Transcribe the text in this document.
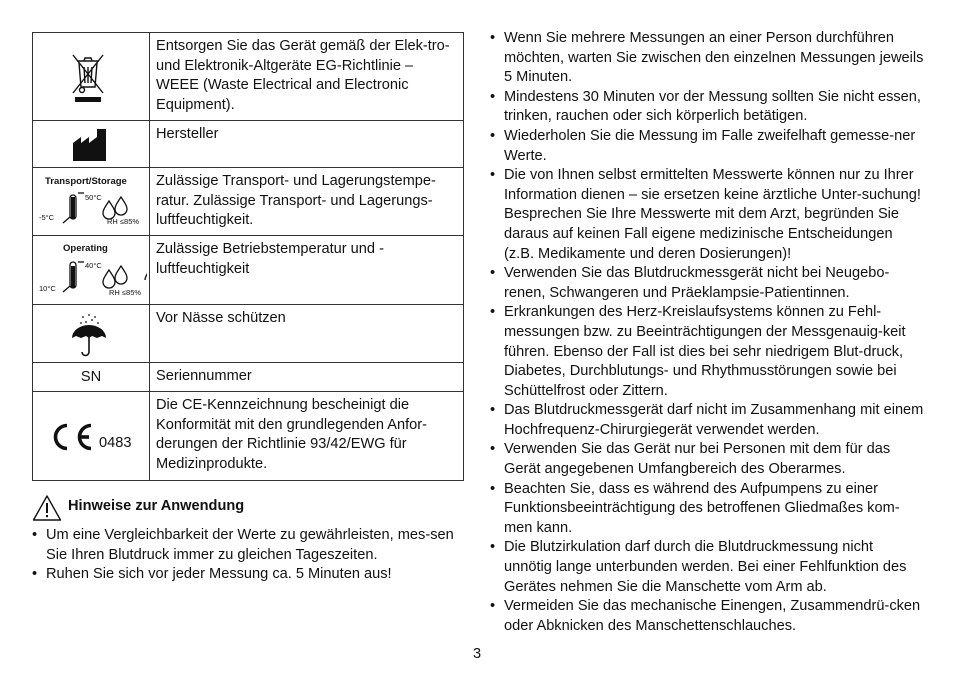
	Entsorgen Sie das Gerät gemäß der Elek-tro- und Elektronik-Altgeräte EG-Richtlinie – WEEE (Waste Electrical and Electronic Equipment).

	Hersteller

Transport/Storage
50°C
-5°C RH ≤85%	Zulässige Transport- und Lagerungstempe-ratur. Zulässige Transport- und Lagerungs-luftfeuchtigkeit.

Operating
40°C
10°C RH ≤85%	Zulässige Betriebstemperatur und -luftfeuchtigkeit

	Vor Nässe schützen
SN	Seriennummer

0483	Die CE-Kennzeichnung bescheinigt die Konformität mit den grundlegenden Anfor-derungen der Richtlinie 93/42/EWG für Medizinprodukte.
Hinweise zur Anwendung
• Um eine Vergleichbarkeit der Werte zu gewährleisten, mes-sen Sie Ihren Blutdruck immer zu gleichen Tageszeiten.
• Ruhen Sie sich vor jeder Messung ca. 5 Minuten aus!
• Wenn Sie mehrere Messungen an einer Person durchführen möchten, warten Sie zwischen den einzelnen Messungen jeweils 5 Minuten.
• Mindestens 30 Minuten vor der Messung sollten Sie nicht essen, trinken, rauchen oder sich körperlich betätigen.
• Wiederholen Sie die Messung im Falle zweifelhaft gemesse-ner Werte.
• Die von Ihnen selbst ermittelten Messwerte können nur zu Ihrer Information dienen – sie ersetzen keine ärztliche Unter-suchung! Besprechen Sie Ihre Messwerte mit dem Arzt, begründen Sie daraus auf keinen Fall eigene medizinische Entscheidungen (z.B. Medikamente und deren Dosierungen)!
• Verwenden Sie das Blutdruckmessgerät nicht bei Neugebo-renen, Schwangeren und Präeklampsie-Patientinnen.
• Erkrankungen des Herz-Kreislaufsystems können zu Fehl-messungen bzw. zu Beeinträchtigungen der Messgenauig-keit führen. Ebenso der Fall ist dies bei sehr niedrigem Blut-druck, Diabetes, Durchblutungs- und Rhythmusstörungen sowie bei Schüttelfrost oder Zittern.
• Das Blutdruckmessgerät darf nicht im Zusammenhang mit einem Hochfrequenz-Chirurgiegerät verwendet werden.
• Verwenden Sie das Gerät nur bei Personen mit dem für das Gerät angegebenen Umfangbereich des Oberarmes.
• Beachten Sie, dass es während des Aufpumpens zu einer Funktionsbeeinträchtigung des betroffenen Gliedmaßes kom-men kann.
• Die Blutzirkulation darf durch die Blutdruckmessung nicht unnötig lange unterbunden werden. Bei einer Fehlfunktion des Gerätes nehmen Sie die Manschette vom Arm ab.
• Vermeiden Sie das mechanische Einengen, Zusammendrü-cken oder Abknicken des Manschettenschlauches.
3
